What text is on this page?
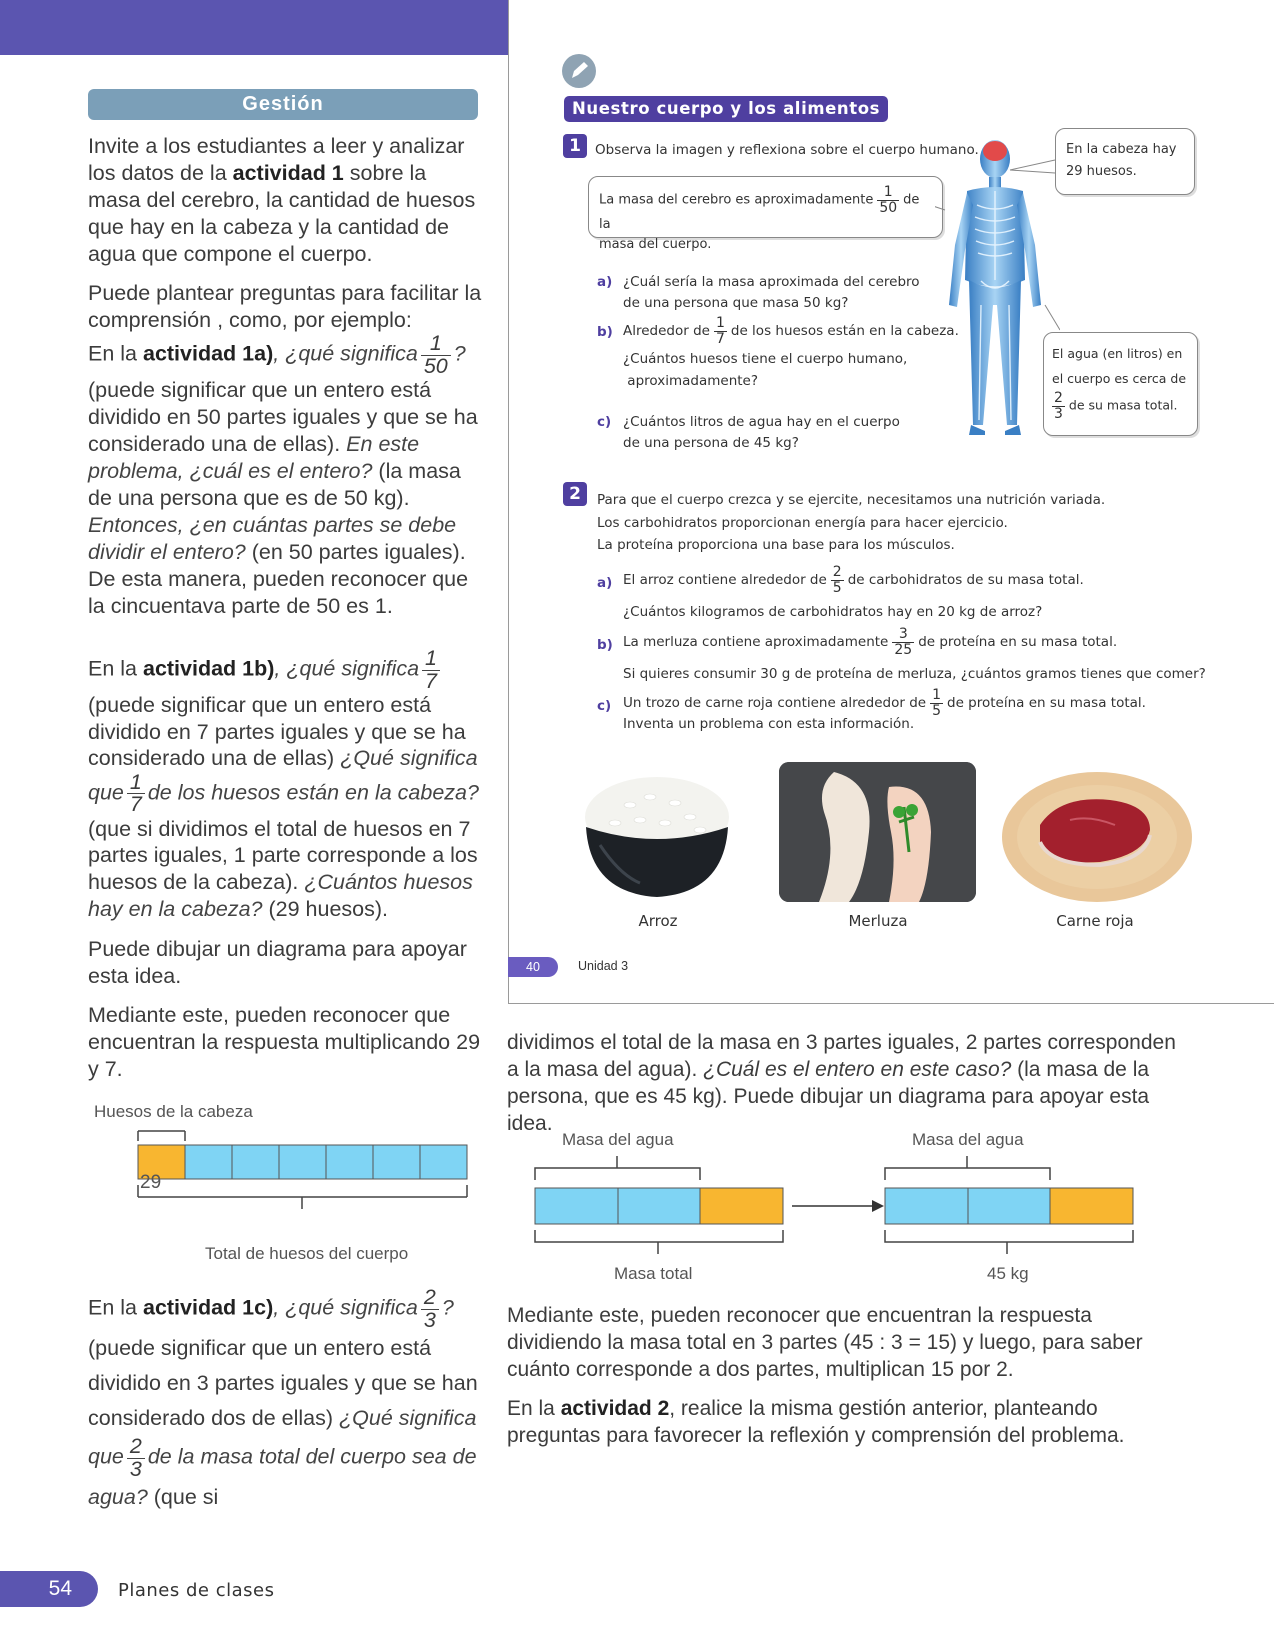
Gestión

Invite a los estudiantes a leer y analizar los datos de la actividad 1 sobre la masa del cerebro, la cantidad de huesos que hay en la cabeza y la cantidad de agua que compone el cuerpo.

Puede plantear preguntas para facilitar la comprensión , como, por ejemplo:

En la actividad 1a), ¿qué significa $\frac{1}{50}$ ?
(puede significar que un entero está dividido en 50 partes iguales y que se ha considerado una de ellas). En este problema, ¿cuál es el entero? (la masa de una persona que es de 50 kg). Entonces, ¿en cuántas partes se debe dividir el entero? (en 50 partes iguales). De esta manera, pueden reconocer que la cincuentava parte de 50 es 1.

En la actividad 1b), ¿qué significa $\frac{1}{7}$
(puede significar que un entero está dividido en 7 partes iguales y que se ha considerado una de ellas) ¿Qué significa que $\frac{1}{7}$ de los huesos están en la cabeza? (que si dividimos el total de huesos en 7 partes iguales, 1 parte corresponde a los huesos de la cabeza). ¿Cuántos huesos hay en la cabeza? (29 huesos).

Puede dibujar un diagrama para apoyar esta idea.

Mediante este, pueden reconocer que encuentran la respuesta multiplicando 29 y 7.

Huesos de la cabeza
29
Total de huesos del cuerpo

En la actividad 1c), ¿qué significa $\frac{2}{3}$ ? (puede significar que un entero está dividido en 3 partes iguales y que se han considerado dos de ellas) ¿Qué significa que $\frac{2}{3}$ de la masa total del cuerpo sea de agua? (que si

Nuestro cuerpo y los alimentos
1	Observa la imagen y reflexiona sobre el cuerpo humano.
La masa del cerebro es aproximadamente $\frac{1}{50}$ de la
masa del cuerpo.
En la cabeza hay
29 huesos.
El agua (en litros) en
el cuerpo es cerca de
$\frac{2}{3}$ de su masa total.
a) ¿Cuál sería la masa aproximada del cerebro
de una persona que masa 50 kg?
b) Alrededor de $\frac{1}{7}$ de los huesos están en la cabeza.
¿Cuántos huesos tiene el cuerpo humano,
aproximadamente?
c) ¿Cuántos litros de agua hay en el cuerpo
de una persona de 45 kg?
2	Para que el cuerpo crezca y se ejercite, necesitamos una nutrición variada.
Los carbohidratos proporcionan energía para hacer ejercicio.
La proteína proporciona una base para los músculos.
a) El arroz contiene alrededor de $\frac{2}{5}$ de carbohidratos de su masa total.
¿Cuántos kilogramos de carbohidratos hay en 20 kg de arroz?
b) La merluza contiene aproximadamente $\frac{3}{25}$ de proteína en su masa total.
Si quieres consumir 30 g de proteína de merluza, ¿cuántos gramos tienes que comer?
c) Un trozo de carne roja contiene alrededor de $\frac{1}{5}$ de proteína en su masa total.
Inventa un problema con esta información.
Arroz	Merluza	Carne roja
40	Unidad 3

dividimos el total de la masa en 3 partes iguales, 2 partes corresponden a la masa del agua). ¿Cuál es el entero en este caso? (la masa de la persona, que es 45 kg). Puede dibujar un diagrama para apoyar esta idea.

Masa del agua	Masa del agua
Masa total	45 kg

Mediante este, pueden reconocer que encuentran la respuesta dividiendo la masa total en 3 partes (45 : 3 = 15) y luego, para saber cuánto corresponde a dos partes, multiplican 15 por 2.

En la actividad 2, realice la misma gestión anterior, planteando preguntas para favorecer la reflexión y comprensión del problema.

54	Planes de clases
